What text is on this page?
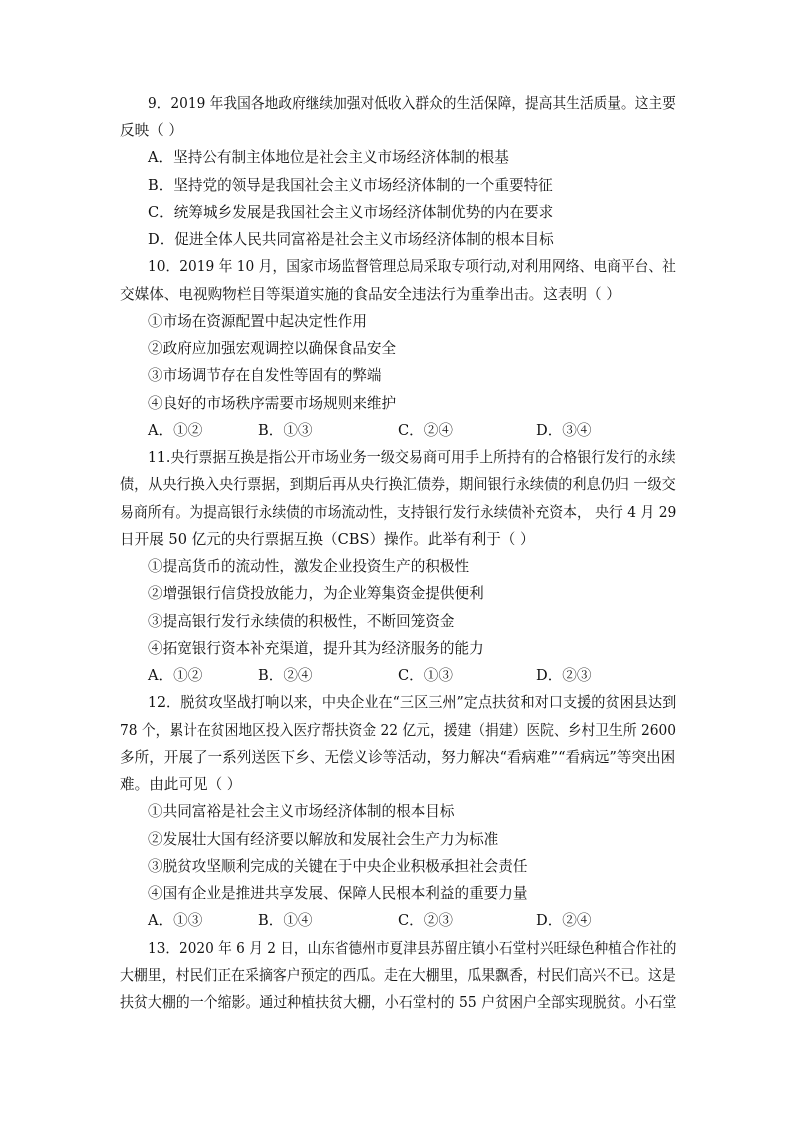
9．2019 年我国各地政府继续加强对低收入群众的生活保障，提高其生活质量。这主要
反映（ ）
A．坚持公有制主体地位是社会主义市场经济体制的根基
B．坚持党的领导是我国社会主义市场经济体制的一个重要特征
C．统筹城乡发展是我国社会主义市场经济体制优势的内在要求
D．促进全体人民共同富裕是社会主义市场经济体制的根本目标
10．2019 年 10 月，国家市场监督管理总局采取专项行动,对利用网络、电商平台、社
交媒体、电视购物栏目等渠道实施的食品安全违法行为重拳出击。这表明（ ）
①市场在资源配置中起决定性作用
②政府应加强宏观调控以确保食品安全
③市场调节存在自发性等固有的弊端
④良好的市场秩序需要市场规则来维护
A．①②	B．①③	C．②④	D．③④
11.央行票据互换是指公开市场业务一级交易商可用手上所持有的合格银行发行的永续
债，从央行换入央行票据，到期后再从央行换汇债券，期间银行永续债的利息仍归 一级交
易商所有。为提高银行永续债的市场流动性，支持银行发行永续债补充资本， 央行 4 月 29
日开展 50 亿元的央行票据互换（CBS）操作。此举有利于（ ）
①提高货币的流动性，激发企业投资生产的积极性
②增强银行信贷投放能力，为企业筹集资金提供便利
③提高银行发行永续债的积极性，不断回笼资金
④拓宽银行资本补充渠道，提升其为经济服务的能力
A．①②	B．②④	C．①③	D．②③
12．脱贫攻坚战打响以来，中央企业在“三区三州”定点扶贫和对口支援的贫困县达到
78 个，累计在贫困地区投入医疗帮扶资金 22 亿元，援建（捐建）医院、乡村卫生所 2600
多所，开展了一系列送医下乡、无偿义诊等活动，努力解决“看病难”“看病远”等突出困
难。由此可见（ ）
①共同富裕是社会主义市场经济体制的根本目标
②发展壮大国有经济要以解放和发展社会生产力为标准
③脱贫攻坚顺利完成的关键在于中央企业积极承担社会责任
④国有企业是推进共享发展、保障人民根本利益的重要力量
A．①③	B．①④	C．②③	D．②④
13．2020 年 6 月 2 日，山东省德州市夏津县苏留庄镇小石堂村兴旺绿色种植合作社的
大棚里，村民们正在采摘客户预定的西瓜。走在大棚里，瓜果飘香，村民们高兴不已。这是
扶贫大棚的一个缩影。通过种植扶贫大棚，小石堂村的 55 户贫困户全部实现脱贫。小石堂
